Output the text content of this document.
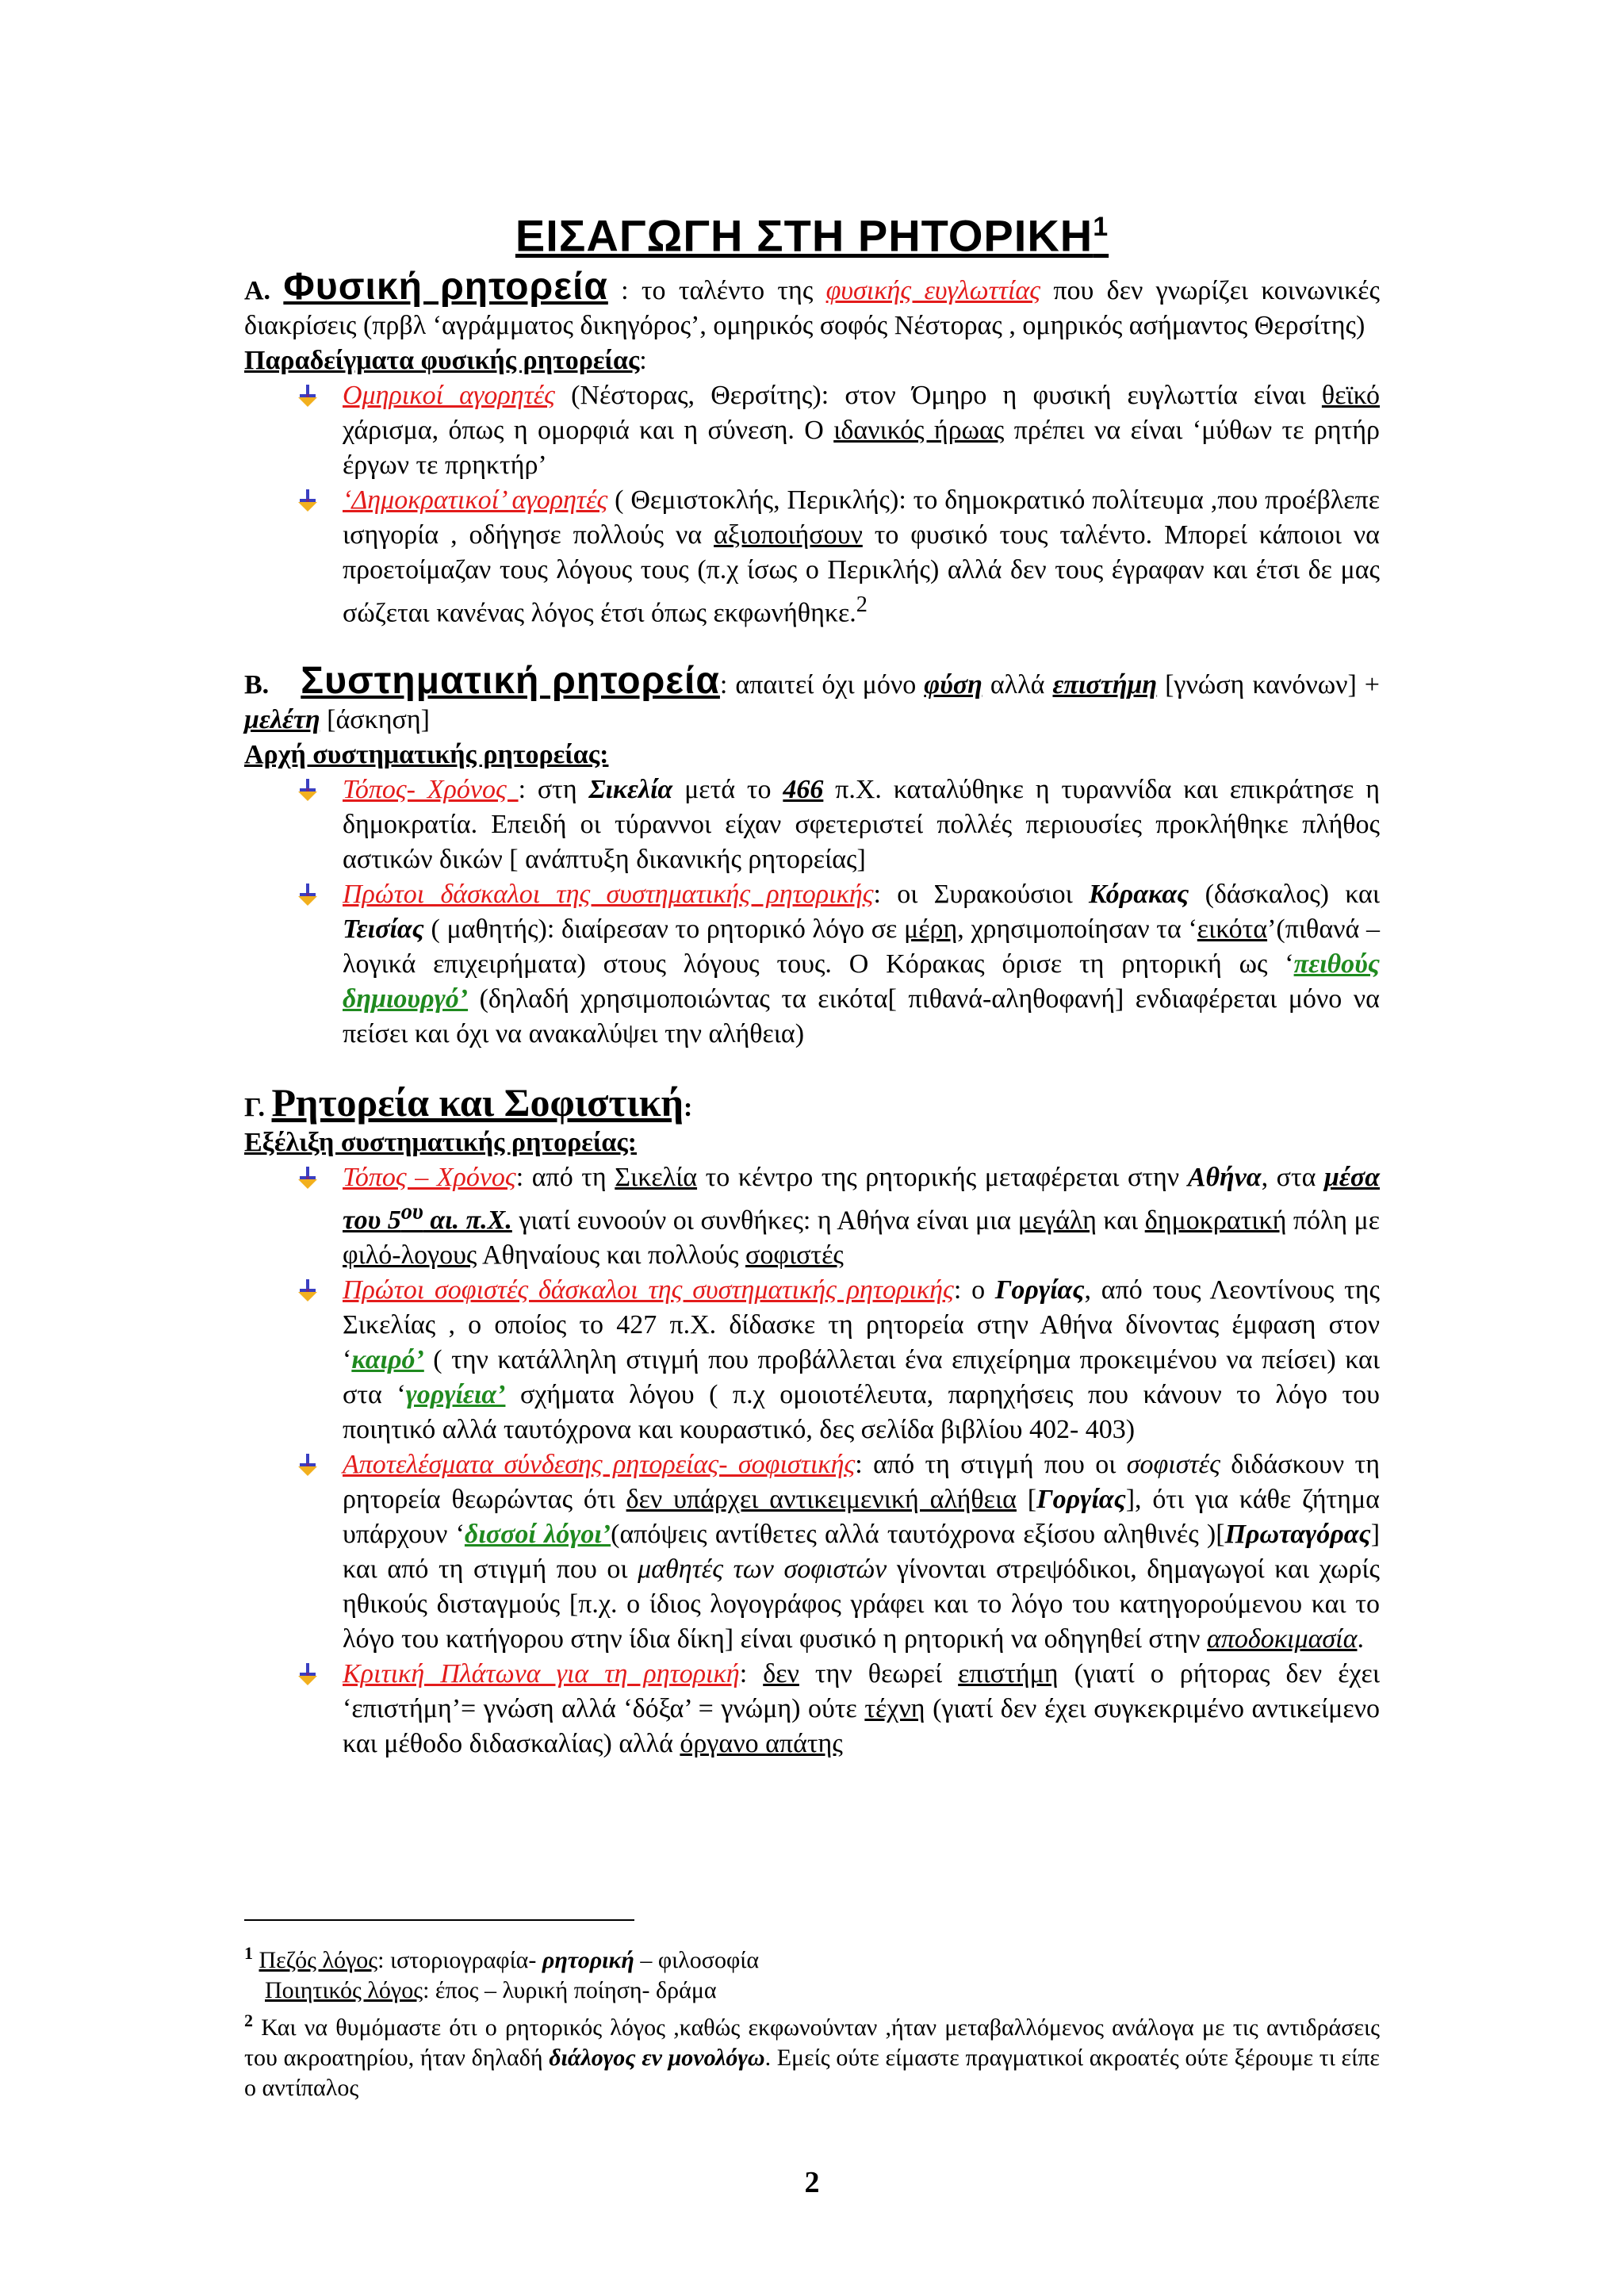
ΕΙΣΑΓΩΓΗ ΣΤΗ ΡΗΤΟΡΙΚΗ$^1$

Α. Φυσική ρητορεία : το ταλέντο της φυσικής ευγλωττίας που δεν γνωρίζει κοινωνικές διακρίσεις (πρβλ ‘αγράμματος δικηγόρος’, ομηρικός σοφός Νέστορας , ομηρικός ασήμαντος Θερσίτης)

Παραδείγματα φυσικής ρητορείας:

Ομηρικοί αγορητές (Νέστορας, Θερσίτης): στον Όμηρο η φυσική ευγλωττία είναι θεϊκό χάρισμα, όπως η ομορφιά και η σύνεση. Ο ιδανικός ήρωας πρέπει να είναι ‘μύθων τε ρητήρ έργων τε πρηκτήρ’
‘Δημοκρατικοί’ αγορητές ( Θεμιστοκλής, Περικλής): το δημοκρατικό πολίτευμα ,που προέβλεπε ισηγορία , οδήγησε πολλούς να αξιοποιήσουν το φυσικό τους ταλέντο. Μπορεί κάποιοι να προετοίμαζαν τους λόγους τους (π.χ ίσως ο Περικλής) αλλά δεν τους έγραφαν και έτσι δε μας σώζεται κανένας λόγος έτσι όπως εκφωνήθηκε.$^2$

Β. Συστηματική ρητορεία: απαιτεί όχι μόνο φύση αλλά επιστήμη [γνώση κανόνων] + μελέτη [άσκηση]

Αρχή συστηματικής ρητορείας:

Τόπος- Χρόνος : στη Σικελία μετά το 466 π.Χ. καταλύθηκε η τυραννίδα και επικράτησε η δημοκρατία. Επειδή οι τύραννοι είχαν σφετεριστεί πολλές περιουσίες προκλήθηκε πλήθος αστικών δικών [ ανάπτυξη δικανικής ρητορείας]
Πρώτοι δάσκαλοι της συστηματικής ρητορικής: οι Συρακούσιοι Κόρακας (δάσκαλος) και Τεισίας ( μαθητής): διαίρεσαν το ρητορικό λόγο σε μέρη, χρησιμοποίησαν τα ‘εικότα’(πιθανά – λογικά επιχειρήματα) στους λόγους τους. Ο Κόρακας όρισε τη ρητορική ως ‘πειθούς δημιουργό’ (δηλαδή χρησιμοποιώντας τα εικότα[ πιθανά-αληθοφανή] ενδιαφέρεται μόνο να πείσει και όχι να ανακαλύψει την αλήθεια)

Γ. Ρητορεία και Σοφιστική:

Εξέλιξη συστηματικής ρητορείας:

Τόπος – Χρόνος: από τη Σικελία το κέντρο της ρητορικής μεταφέρεται στην Αθήνα, στα μέσα του $5^{o\upsilon}$ αι. π.Χ. γιατί ευνοούν οι συνθήκες: η Αθήνα είναι μια μεγάλη και δημοκρατική πόλη με φιλό-λογους Αθηναίους και πολλούς σοφιστές
Πρώτοι σοφιστές δάσκαλοι της συστηματικής ρητορικής: ο Γοργίας, από τους Λεοντίνους της Σικελίας , ο οποίος το 427 π.Χ. δίδασκε τη ρητορεία στην Αθήνα δίνοντας έμφαση στον ‘καιρό’ ( την κατάλληλη στιγμή που προβάλλεται ένα επιχείρημα προκειμένου να πείσει) και στα ‘γοργίεια’ σχήματα λόγου ( π.χ ομοιοτέλευτα, παρηχήσεις που κάνουν το λόγο του ποιητικό αλλά ταυτόχρονα και κουραστικό, δες σελίδα βιβλίου 402- 403)
Αποτελέσματα σύνδεσης ρητορείας- σοφιστικής: από τη στιγμή που οι σοφιστές διδάσκουν τη ρητορεία θεωρώντας ότι δεν υπάρχει αντικειμενική αλήθεια [Γοργίας], ότι για κάθε ζήτημα υπάρχουν ‘δισσοί λόγοι’(απόψεις αντίθετες αλλά ταυτόχρονα εξίσου αληθινές )[Πρωταγόρας] και από τη στιγμή που οι μαθητές των σοφιστών γίνονται στρεψόδικοι, δημαγωγοί και χωρίς ηθικούς δισταγμούς [π.χ. ο ίδιος λογογράφος γράφει και το λόγο του κατηγορούμενου και το λόγο του κατήγορου στην ίδια δίκη] είναι φυσικό η ρητορική να οδηγηθεί στην αποδοκιμασία.
Κριτική Πλάτωνα για τη ρητορική: δεν την θεωρεί επιστήμη (γιατί ο ρήτορας δεν έχει ‘επιστήμη’= γνώση αλλά ‘δόξα’ = γνώμη) ούτε τέχνη (γιατί δεν έχει συγκεκριμένο αντικείμενο και μέθοδο διδασκαλίας) αλλά όργανο απάτης
$^1$ Πεζός λόγος: ιστοριογραφία- ρητορική – φιλοσοφία
Ποιητικός λόγος: έπος – λυρική ποίηση- δράμα
$^2$ Και να θυμόμαστε ότι ο ρητορικός λόγος ,καθώς εκφωνούνταν ,ήταν μεταβαλλόμενος ανάλογα με τις αντιδράσεις του ακροατηρίου, ήταν δηλαδή διάλογος εν μονολόγω. Εμείς ούτε είμαστε πραγματικοί ακροατές ούτε ξέρουμε τι είπε ο αντίπαλος
2
